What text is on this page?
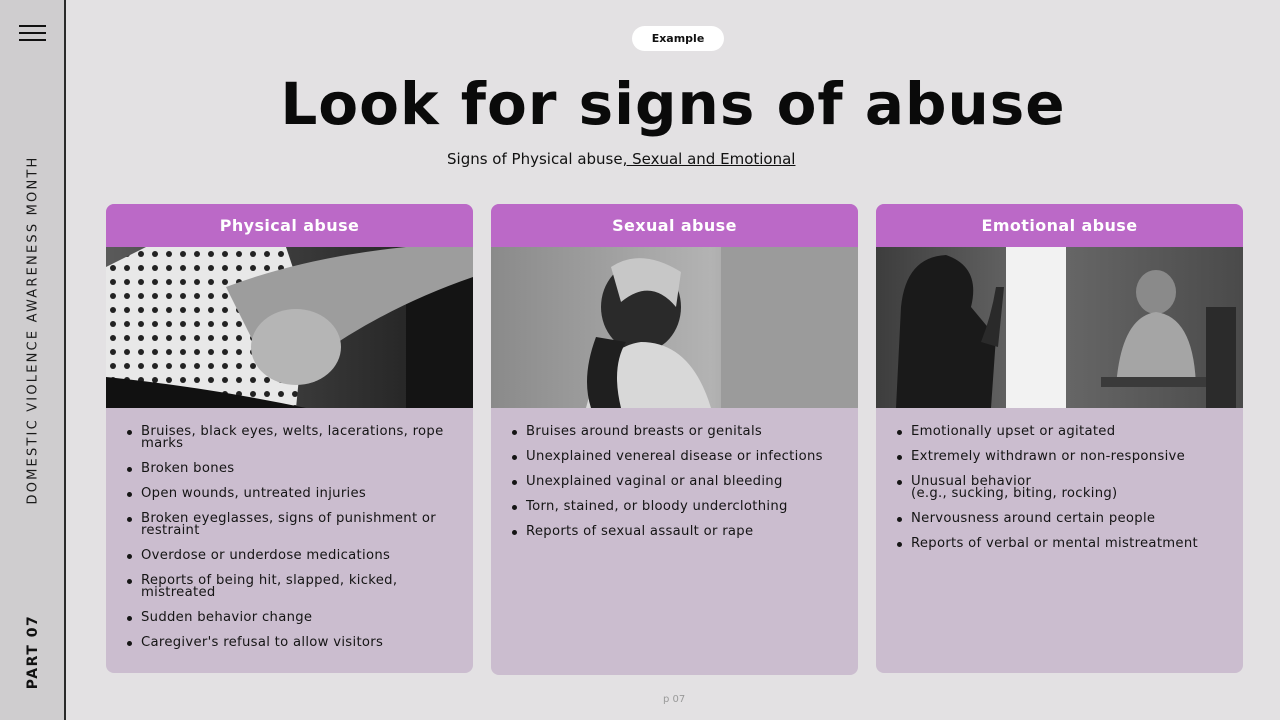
DOMESTIC VIOLENCE AWARENESS MONTH
PART 07
Example
Look for signs of abuse
Signs of Physical abuse, Sexual and Emotional
Physical abuse
Bruises, black eyes, welts, lacerations, rope marks
Broken bones
Open wounds, untreated injuries
Broken eyeglasses, signs of punishment or restraint
Overdose or underdose medications
Reports of being hit, slapped, kicked, mistreated
Sudden behavior change
Caregiver's refusal to allow visitors
Sexual abuse
Bruises around breasts or genitals
Unexplained venereal disease or infections
Unexplained vaginal or anal bleeding
Torn, stained, or bloody underclothing
Reports of sexual assault or rape
Emotional abuse
Emotionally upset or agitated
Extremely withdrawn or non-responsive
Unusual behavior
(e.g., sucking, biting, rocking)
Nervousness around certain people
Reports of verbal or mental mistreatment
p 07
